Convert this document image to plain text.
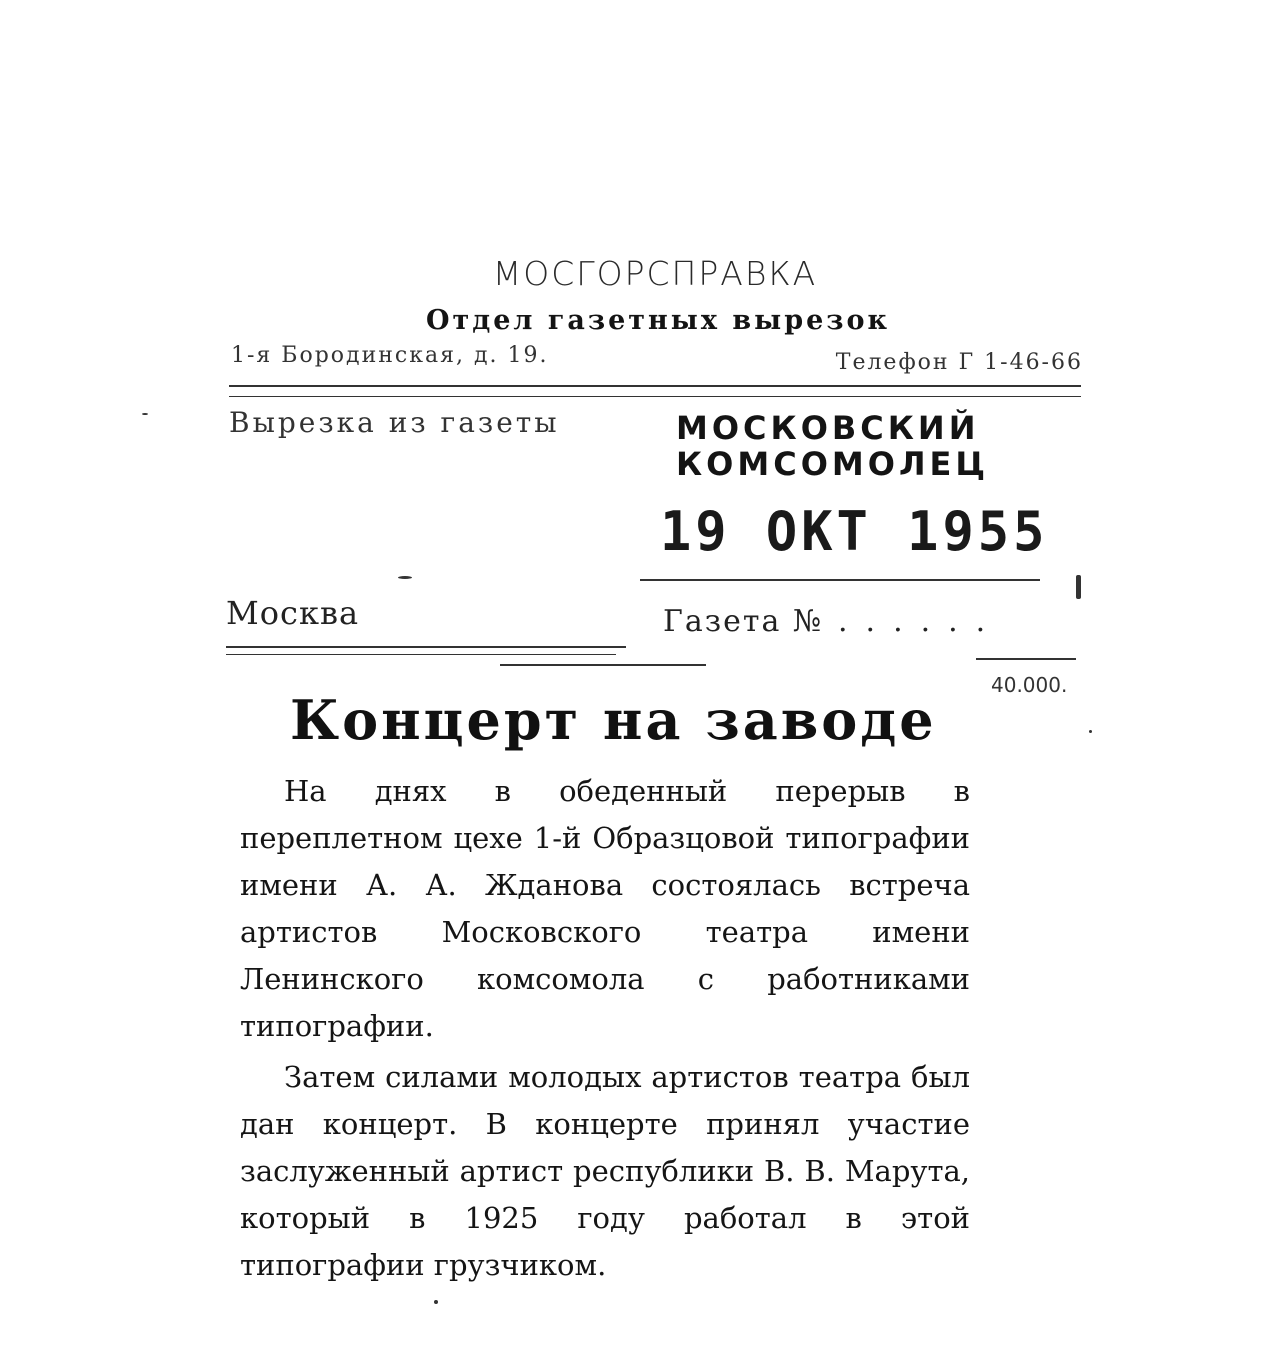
МОСГОРСПРАВКА
Отдел газетных вырезок
1-я Бородинская, д. 19.	Телефон Г 1-46-66
Вырезка из газеты	МОСКОВСКИЙ
КОМСОМОЛЕЦ
19 ОКТ 1955
Москва	Газета № ......
40.000.
Концерт на заводе
На днях в обеденный перерыв в переплетном цехе 1-й Образцовой типографии имени А. А. Жданова состоялась встреча артистов Московского театра имени Ленинского комсомола с работниками типографии.
Затем силами молодых артистов театра был дан концерт. В концерте принял участие заслуженный артист республики В. В. Марута, который в 1925 году работал в этой типографии грузчиком.
